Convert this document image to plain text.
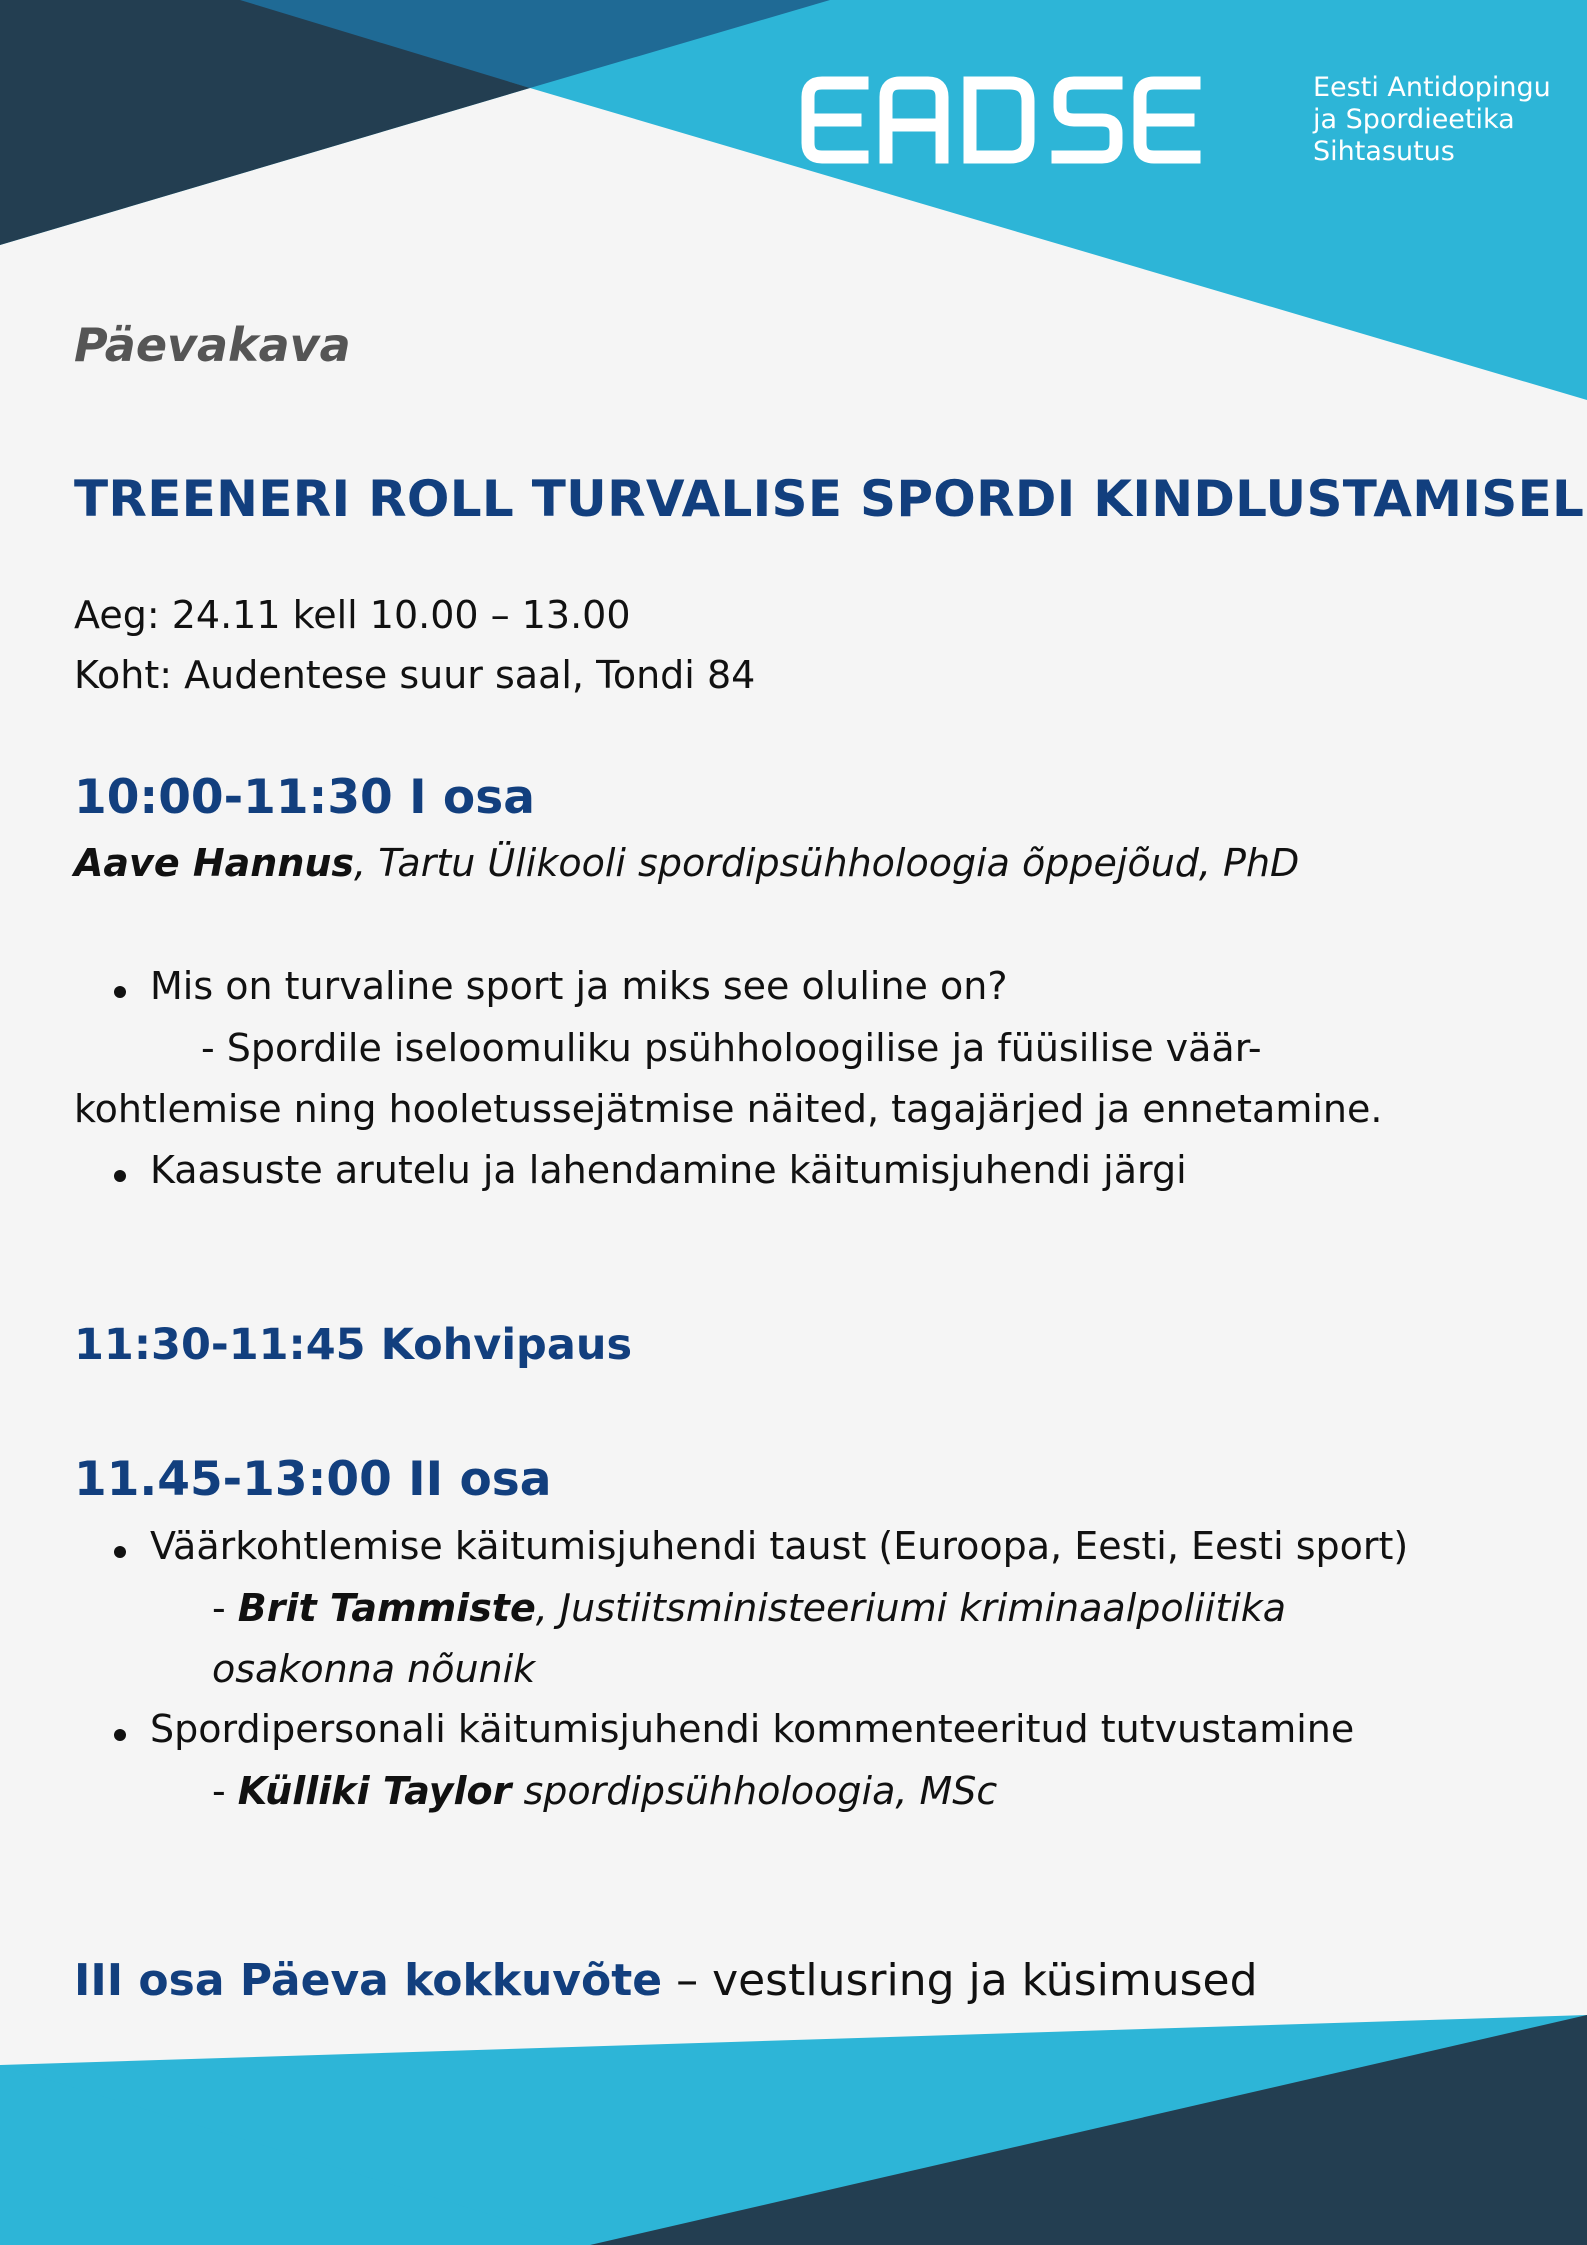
Eesti Antidopingu
ja Spordieetika
Sihtasutus
Päevakava
TREENERI ROLL TURVALISE SPORDI KINDLUSTAMISEL
Aeg: 24.11 kell 10.00 – 13.00
Koht: Audentese suur saal, Tondi 84
10:00-11:30 I osa
Aave Hannus, Tartu Ülikooli spordipsühholoogia õppejõud, PhD
Mis on turvaline sport ja miks see oluline on?
- Spordile iseloomuliku psühholoogilise ja füüsilise väär-
kohtlemise ning hooletussejätmise näited, tagajärjed ja ennetamine.
Kaasuste arutelu ja lahendamine käitumisjuhendi järgi
11:30-11:45 Kohvipaus
11.45-13:00 II osa
Väärkohtlemise käitumisjuhendi taust (Euroopa, Eesti, Eesti sport)
- Brit Tammiste, Justiitsministeeriumi kriminaalpoliitika
osakonna nõunik
Spordipersonali käitumisjuhendi kommenteeritud tutvustamine
- Külliki Taylor spordipsühholoogia, MSc
III osa Päeva kokkuvõte – vestlusring ja küsimused
